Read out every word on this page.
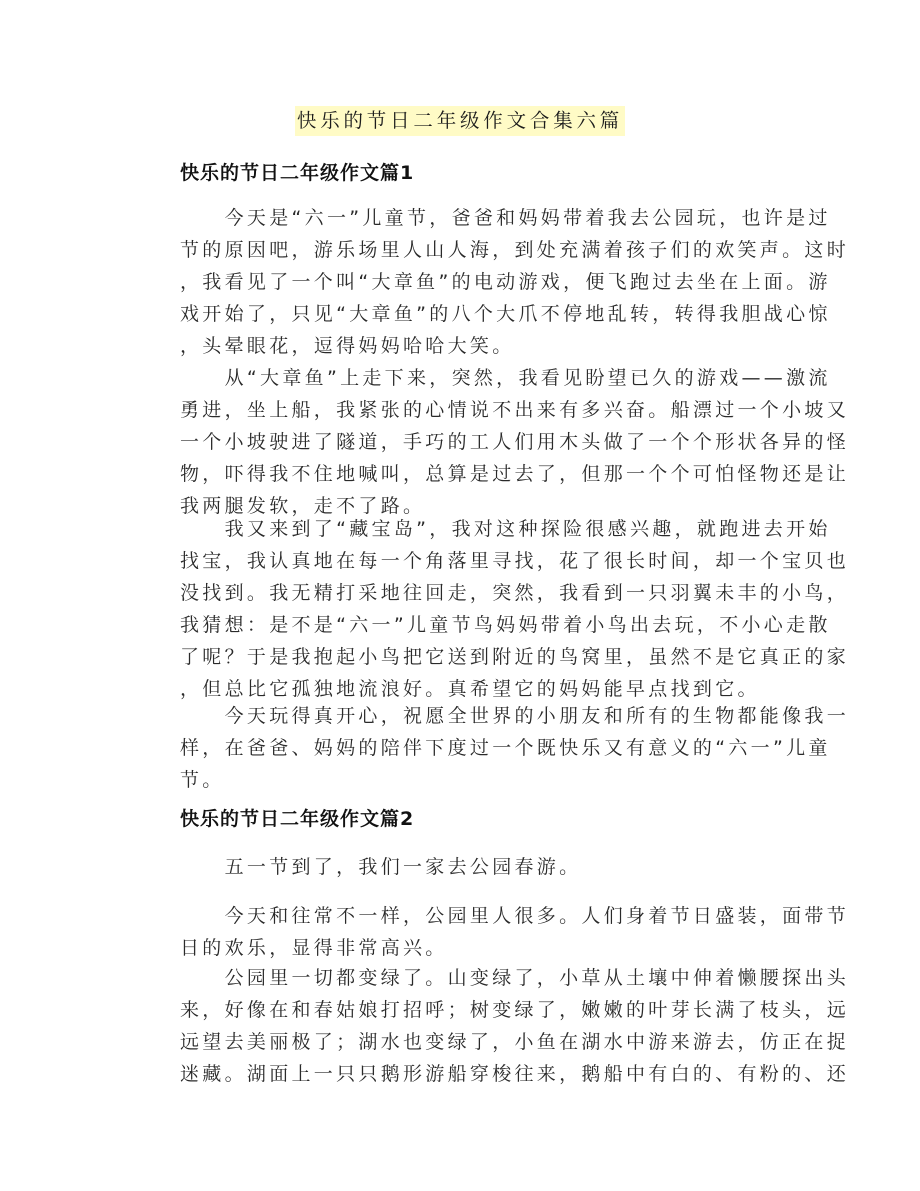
快乐的节日二年级作文合集六篇
快乐的节日二年级作文篇1
　　今天是“六一”儿童节，爸爸和妈妈带着我去公园玩，也许是过
节的原因吧，游乐场里人山人海，到处充满着孩子们的欢笑声。这时
，我看见了一个叫“大章鱼”的电动游戏，便飞跑过去坐在上面。游
戏开始了，只见“大章鱼”的八个大爪不停地乱转，转得我胆战心惊
，头晕眼花，逗得妈妈哈哈大笑。
　　从“大章鱼”上走下来，突然，我看见盼望已久的游戏——激流
勇进，坐上船，我紧张的心情说不出来有多兴奋。船漂过一个小坡又
一个小坡驶进了隧道，手巧的工人们用木头做了一个个形状各异的怪
物，吓得我不住地喊叫，总算是过去了，但那一个个可怕怪物还是让
我两腿发软，走不了路。
　　我又来到了“藏宝岛”，我对这种探险很感兴趣，就跑进去开始
找宝，我认真地在每一个角落里寻找，花了很长时间，却一个宝贝也
没找到。我无精打采地往回走，突然，我看到一只羽翼未丰的小鸟，
我猜想：是不是“六一”儿童节鸟妈妈带着小鸟出去玩，不小心走散
了呢？于是我抱起小鸟把它送到附近的鸟窝里，虽然不是它真正的家
，但总比它孤独地流浪好。真希望它的妈妈能早点找到它。
　　今天玩得真开心，祝愿全世界的小朋友和所有的生物都能像我一
样，在爸爸、妈妈的陪伴下度过一个既快乐又有意义的“六一”儿童
节。
快乐的节日二年级作文篇2
　　五一节到了，我们一家去公园春游。
　　今天和往常不一样，公园里人很多。人们身着节日盛装，面带节
日的欢乐，显得非常高兴。
　　公园里一切都变绿了。山变绿了，小草从土壤中伸着懒腰探出头
来，好像在和春姑娘打招呼；树变绿了，嫩嫩的叶芽长满了枝头，远
远望去美丽极了；湖水也变绿了，小鱼在湖水中游来游去，仿正在捉
迷藏。湖面上一只只鹅形游船穿梭往来，鹅船中有白的、有粉的、还
